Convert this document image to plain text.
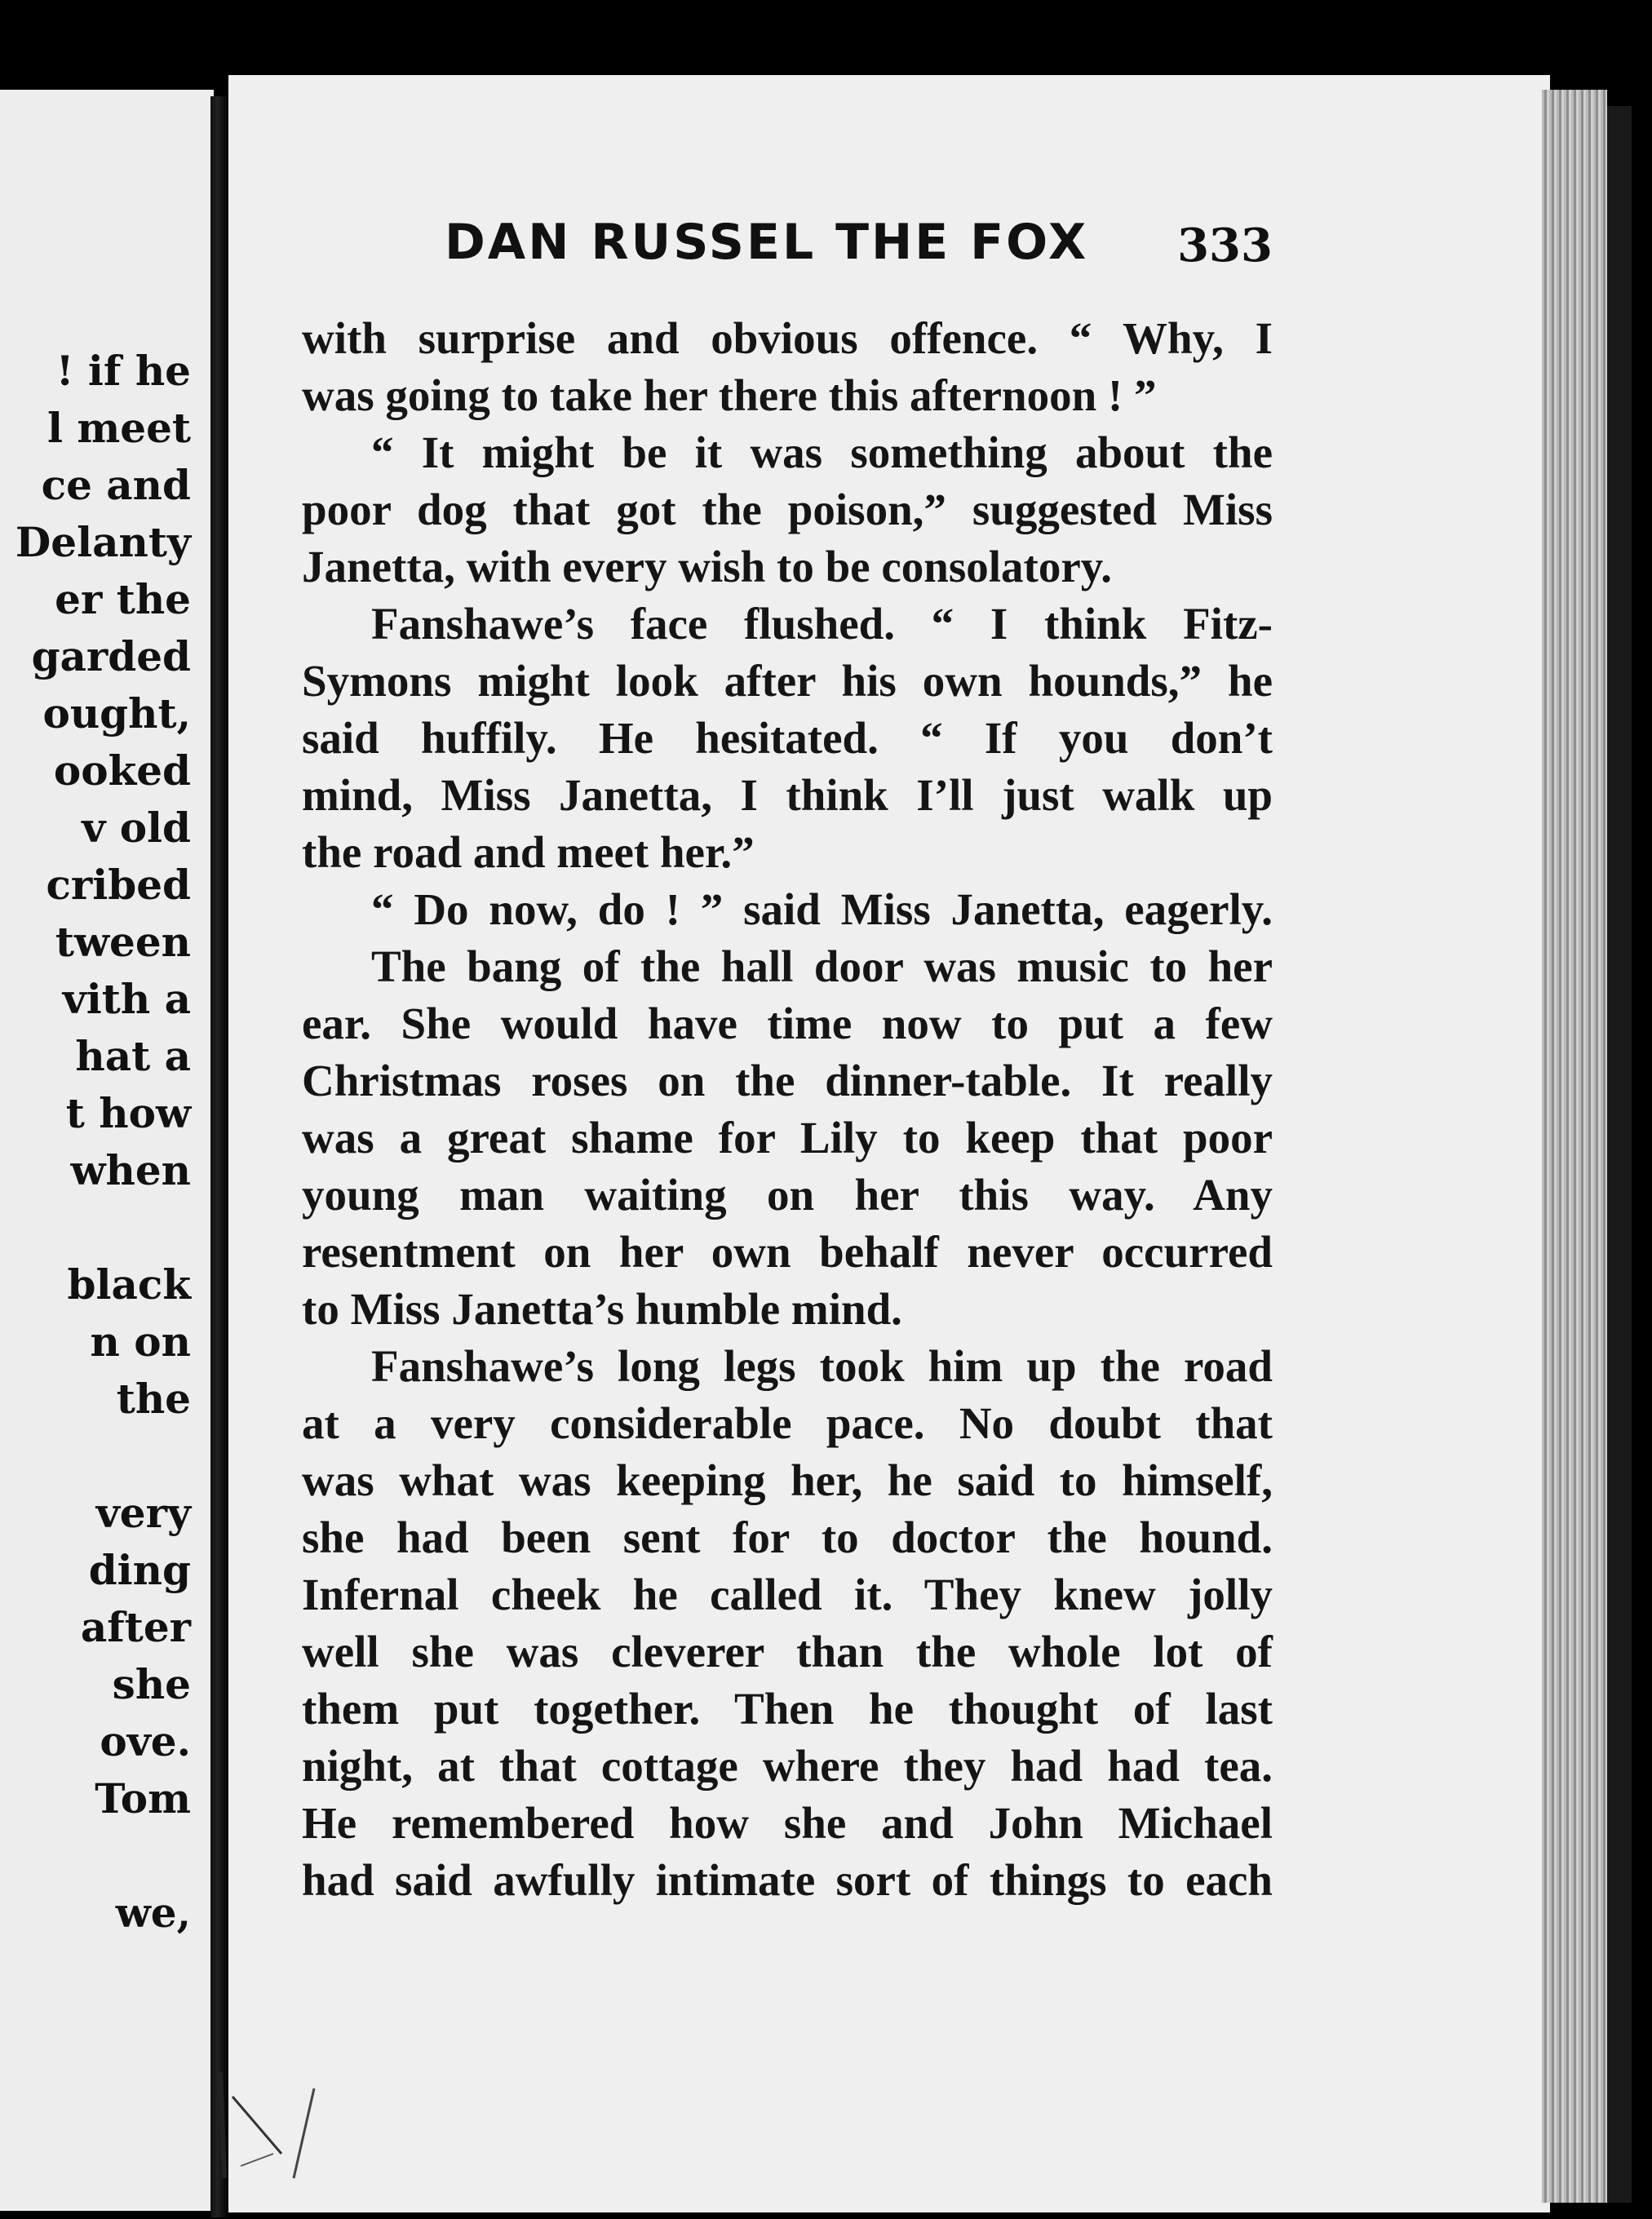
! if he
l meet
ce and
Delanty
er the
garded
ought,
ooked
v old
cribed
tween
vith a
hat a
t how
when
black
n on
the
very
ding
after
she
ove.
Tom
we,
DAN RUSSEL THE FOX 333
with surprise and obvious offence. “ Why, I
was going to take her there this afternoon ! ”
“ It might be it was something about the
poor dog that got the poison,” suggested Miss
Janetta, with every wish to be consolatory.
Fanshawe’s face flushed. “ I think Fitz-
Symons might look after his own hounds,” he
said huffily. He hesitated. “ If you don’t
mind, Miss Janetta, I think I’ll just walk up
the road and meet her.”
“ Do now, do ! ” said Miss Janetta, eagerly.
The bang of the hall door was music to her
ear. She would have time now to put a few
Christmas roses on the dinner-table. It really
was a great shame for Lily to keep that poor
young man waiting on her this way. Any
resentment on her own behalf never occurred
to Miss Janetta’s humble mind.
Fanshawe’s long legs took him up the road
at a very considerable pace. No doubt that
was what was keeping her, he said to himself,
she had been sent for to doctor the hound.
Infernal cheek he called it. They knew jolly
well she was cleverer than the whole lot of
them put together. Then he thought of last
night, at that cottage where they had had tea.
He remembered how she and John Michael
had said awfully intimate sort of things to each
